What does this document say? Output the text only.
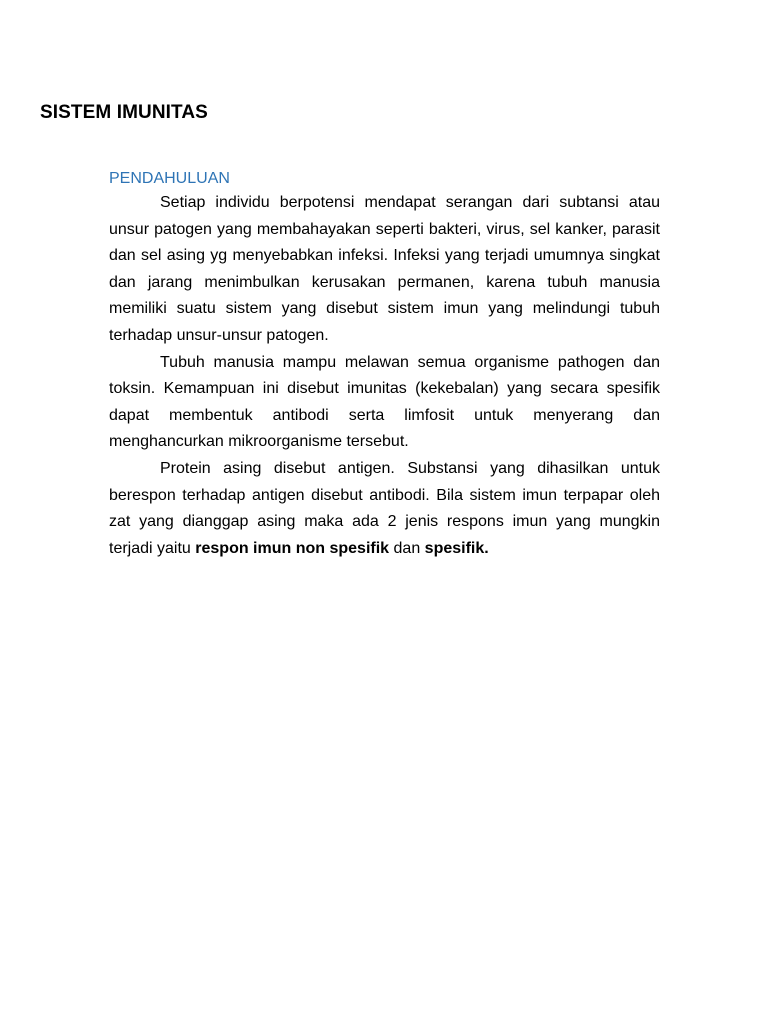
SISTEM IMUNITAS
PENDAHULUAN

Setiap individu berpotensi mendapat serangan dari subtansi atau unsur patogen yang membahayakan seperti bakteri, virus, sel kanker, parasit dan sel asing yg menyebabkan infeksi. Infeksi yang terjadi umumnya singkat dan jarang menimbulkan kerusakan permanen, karena tubuh manusia memiliki suatu sistem yang disebut sistem imun yang melindungi tubuh terhadap unsur-unsur patogen.

Tubuh manusia mampu melawan semua organisme pathogen dan toksin. Kemampuan ini disebut imunitas (kekebalan) yang secara spesifik dapat membentuk antibodi serta limfosit untuk menyerang dan menghancurkan mikroorganisme tersebut.

Protein asing disebut antigen. Substansi yang dihasilkan untuk berespon terhadap antigen disebut antibodi. Bila sistem imun terpapar oleh zat yang dianggap asing maka ada 2 jenis respons imun yang mungkin terjadi yaitu respon imun non spesifik dan spesifik.
